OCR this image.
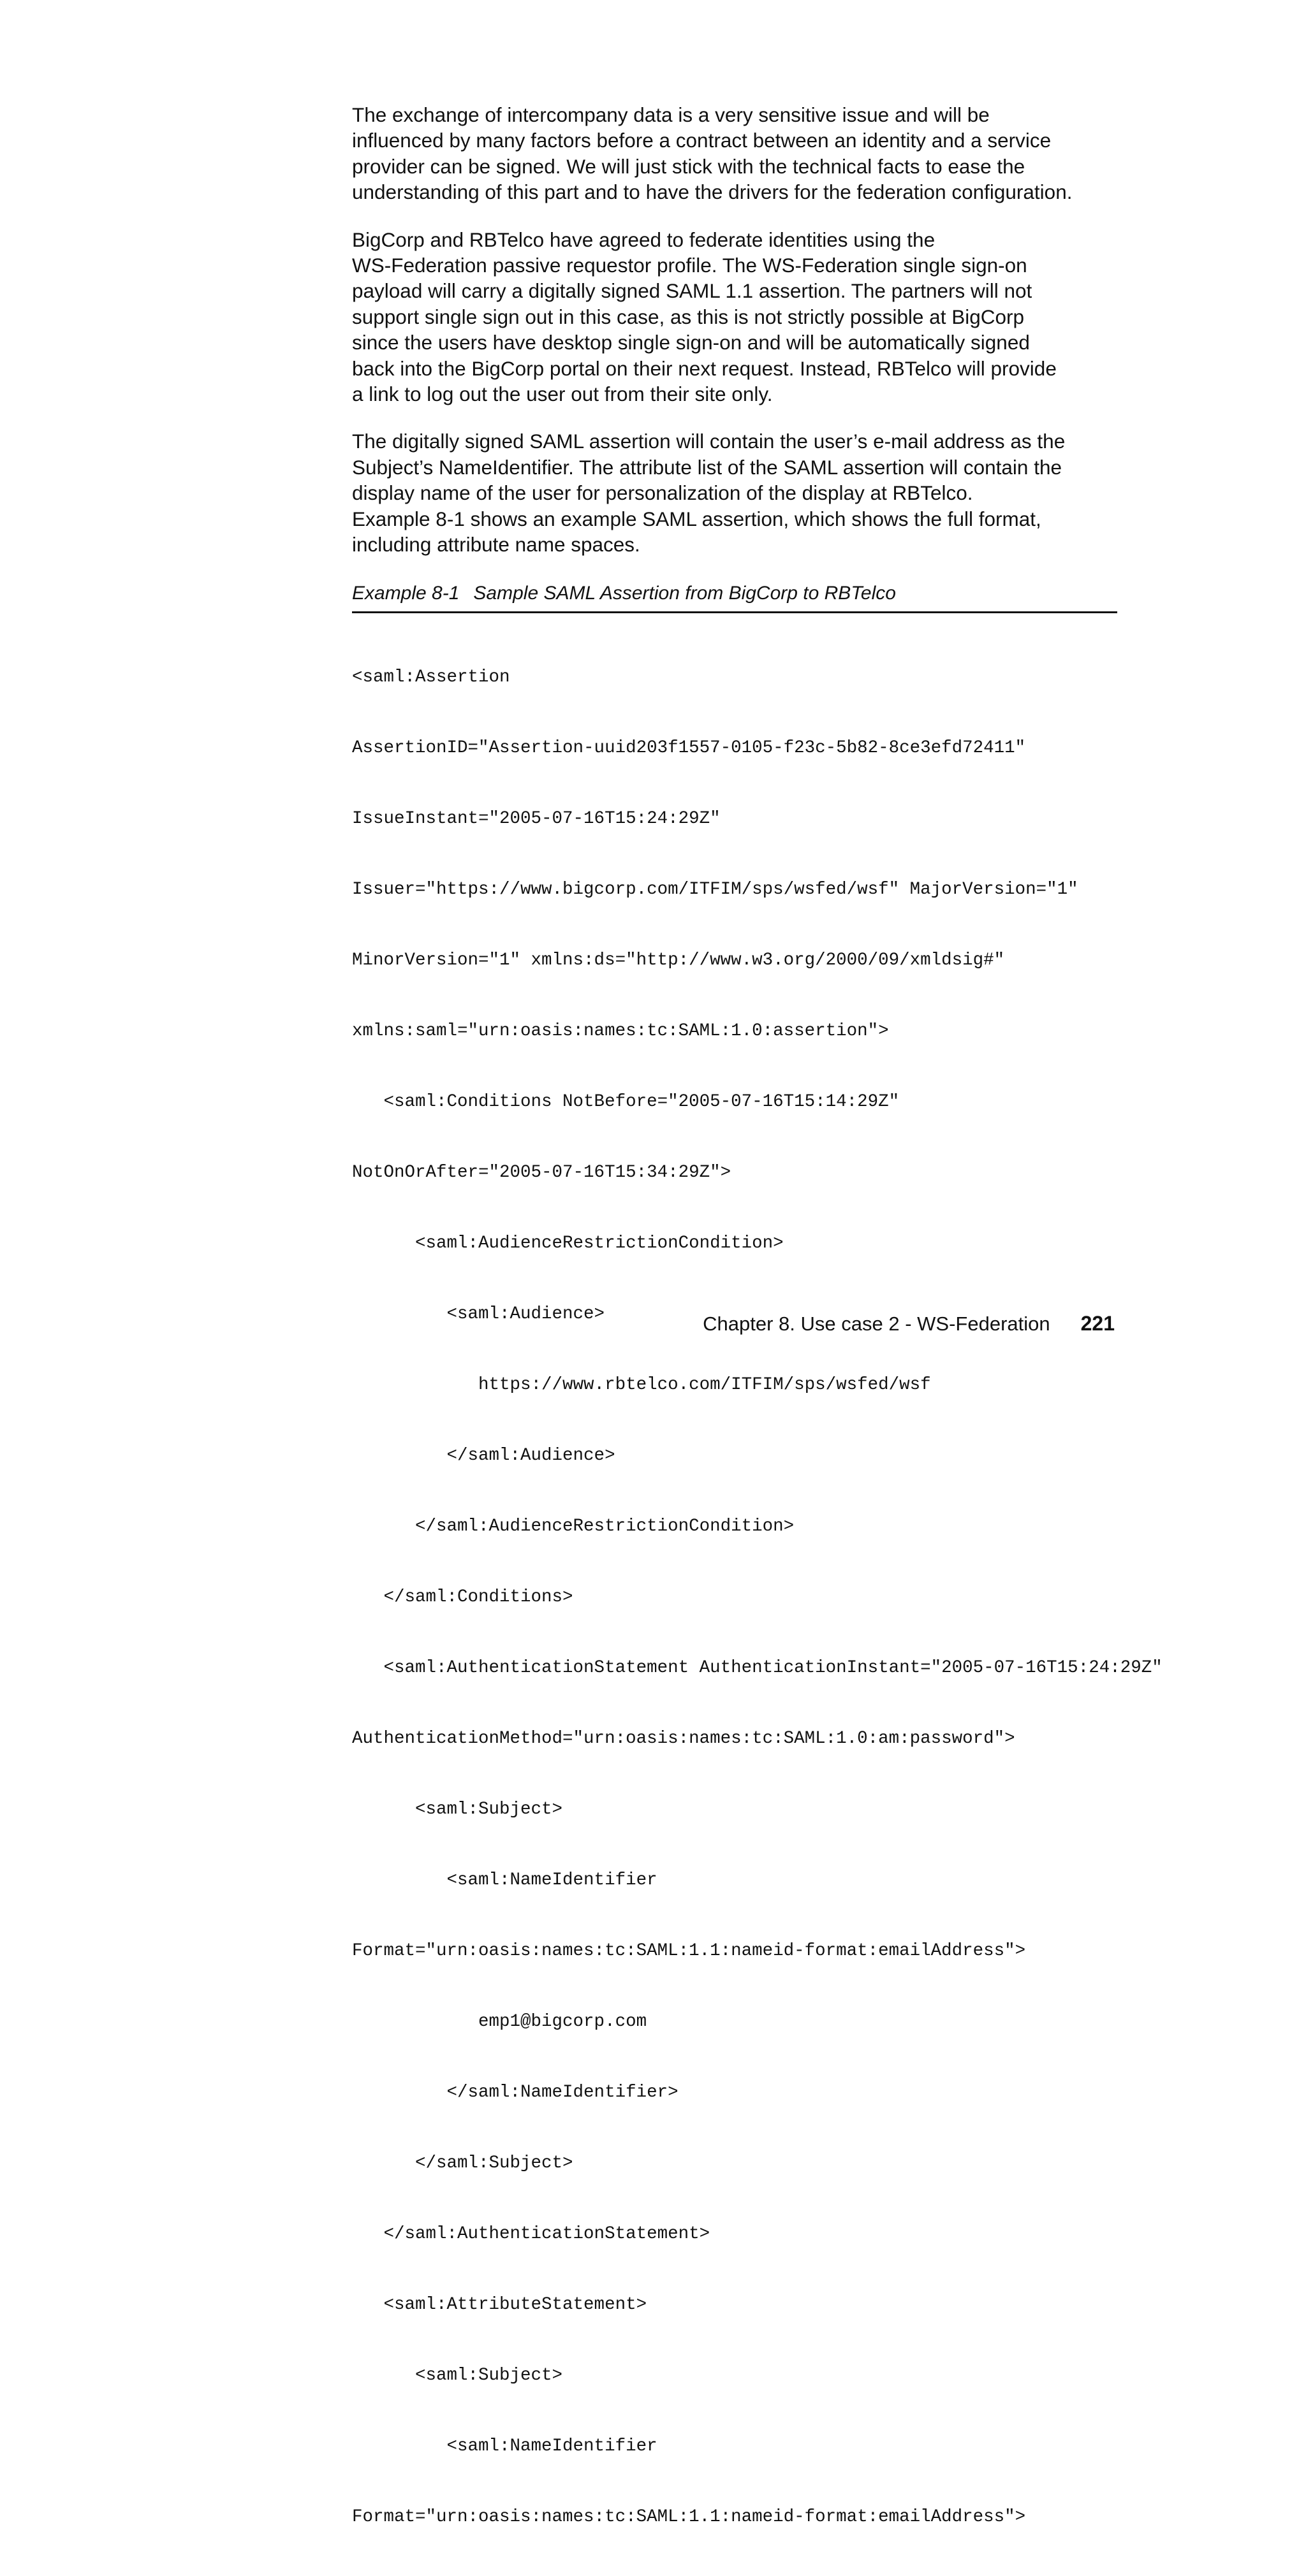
The exchange of intercompany data is a very sensitive issue and will be
influenced by many factors before a contract between an identity and a service
provider can be signed. We will just stick with the technical facts to ease the
understanding of this part and to have the drivers for the federation configuration.

BigCorp and RBTelco have agreed to federate identities using the
WS-Federation passive requestor profile. The WS-Federation single sign-on
payload will carry a digitally signed SAML 1.1 assertion. The partners will not
support single sign out in this case, as this is not strictly possible at BigCorp
since the users have desktop single sign-on and will be automatically signed
back into the BigCorp portal on their next request. Instead, RBTelco will provide
a link to log out the user out from their site only.

The digitally signed SAML assertion will contain the user’s e-mail address as the
Subject’s NameIdentifier. The attribute list of the SAML assertion will contain the
display name of the user for personalization of the display at RBTelco.
Example 8-1 shows an example SAML assertion, which shows the full format,
including attribute name spaces.

Example 8-1 Sample SAML Assertion from BigCorp to RBTelco

<saml:Assertion

AssertionID="Assertion-uuid203f1557-0105-f23c-5b82-8ce3efd72411"

IssueInstant="2005-07-16T15:24:29Z"

Issuer="https://www.bigcorp.com/ITFIM/sps/wsfed/wsf" MajorVersion="1"

MinorVersion="1" xmlns:ds="http://www.w3.org/2000/09/xmldsig#"

xmlns:saml="urn:oasis:names:tc:SAML:1.0:assertion">

<saml:Conditions NotBefore="2005-07-16T15:14:29Z"

NotOnOrAfter="2005-07-16T15:34:29Z">

<saml:AudienceRestrictionCondition>

<saml:Audience>

https://www.rbtelco.com/ITFIM/sps/wsfed/wsf

</saml:Audience>

</saml:AudienceRestrictionCondition>

</saml:Conditions>

<saml:AuthenticationStatement AuthenticationInstant="2005-07-16T15:24:29Z"

AuthenticationMethod="urn:oasis:names:tc:SAML:1.0:am:password">

<saml:Subject>

<saml:NameIdentifier

Format="urn:oasis:names:tc:SAML:1.1:nameid-format:emailAddress">

emp1@bigcorp.com

</saml:NameIdentifier>

</saml:Subject>

</saml:AuthenticationStatement>

<saml:AttributeStatement>

<saml:Subject>

<saml:NameIdentifier

Format="urn:oasis:names:tc:SAML:1.1:nameid-format:emailAddress">

Chapter 8. Use case 2 - WS-Federation 221
